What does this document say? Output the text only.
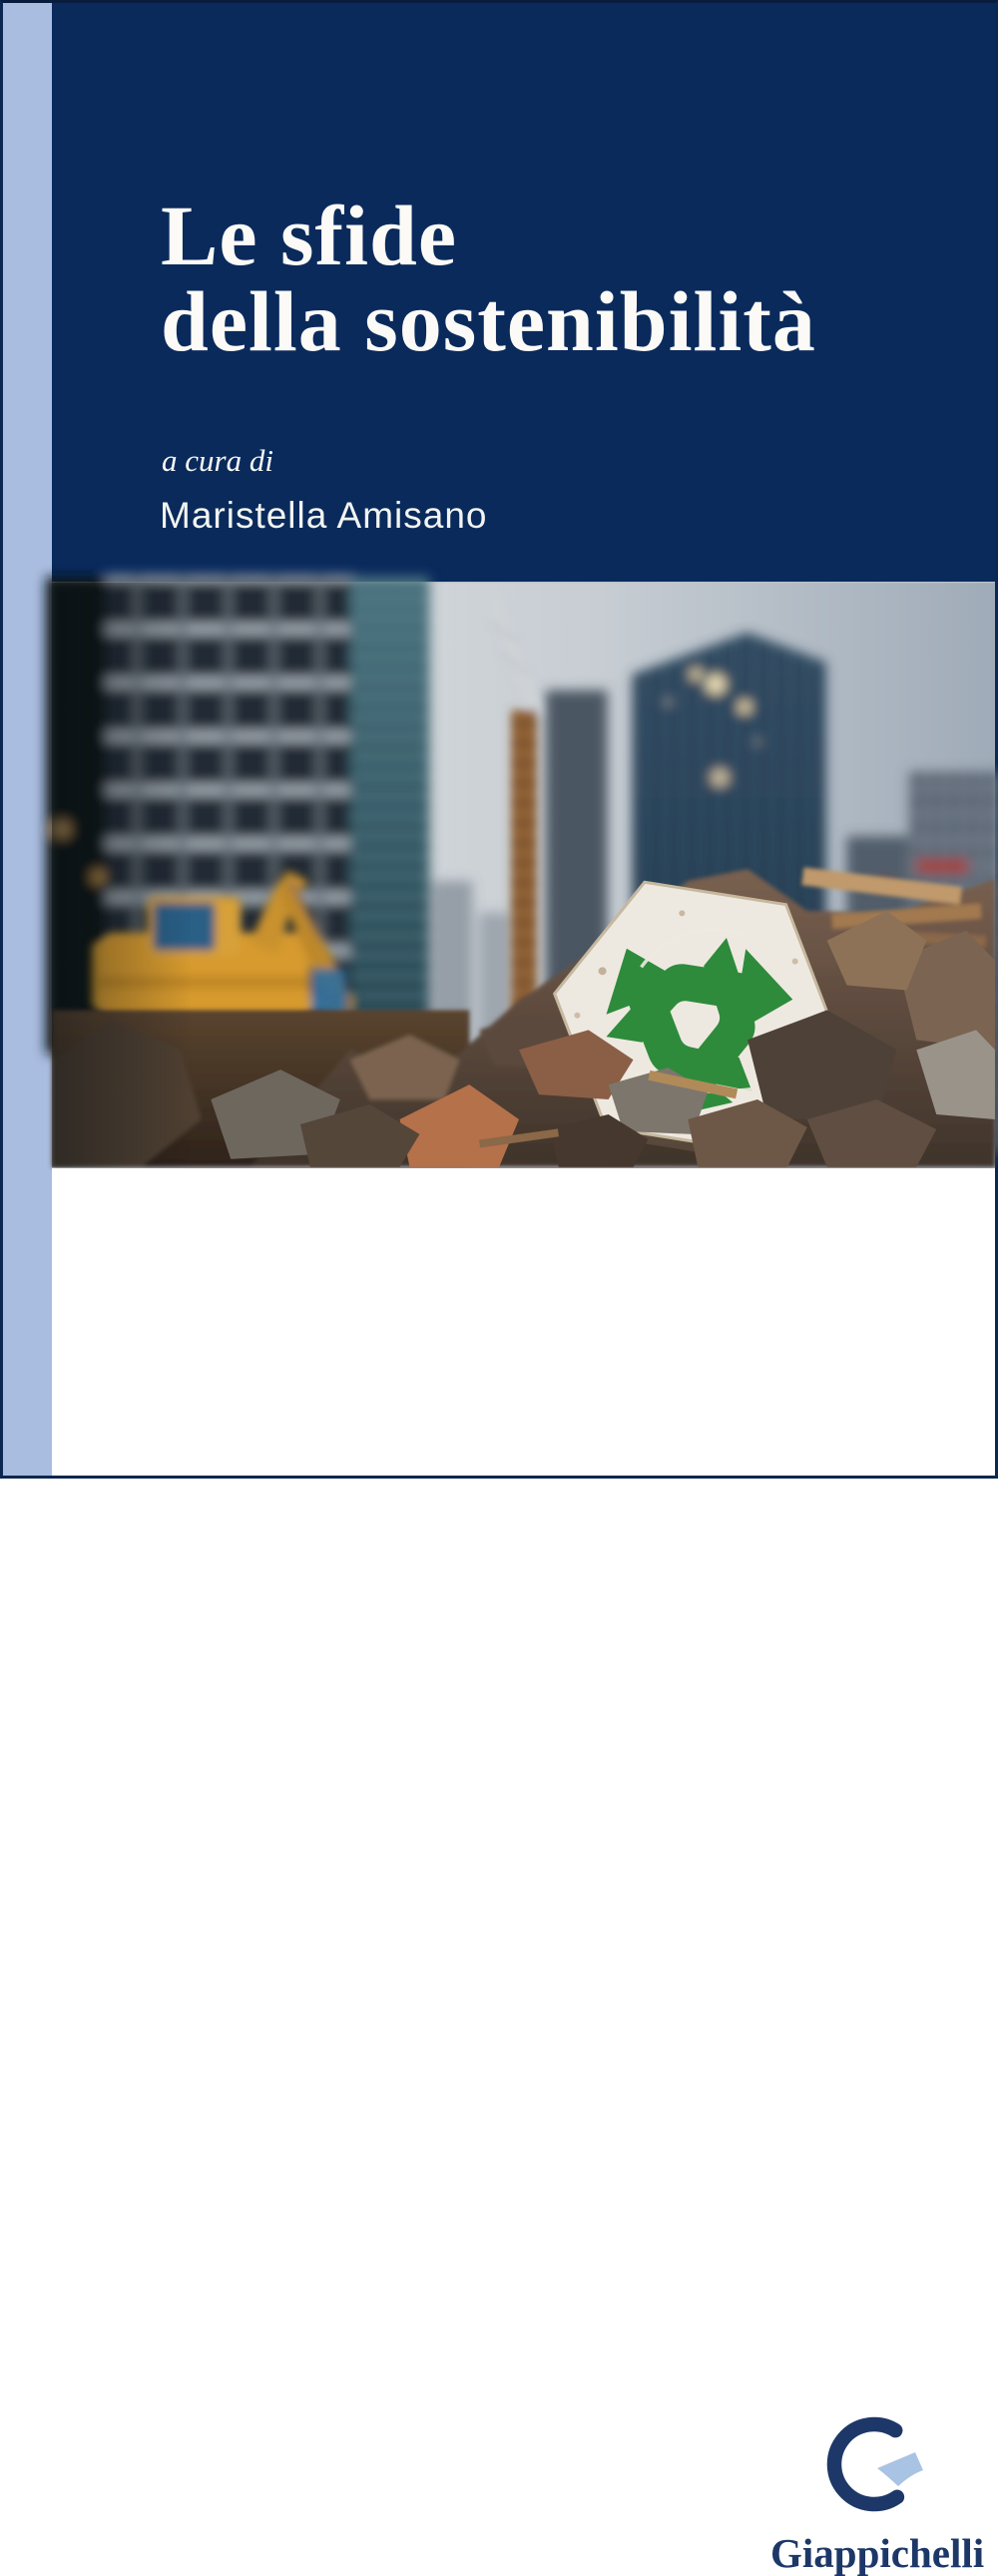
Le sfide
della sostenibilità
a cura di
Maristella Amisano
Giappichelli
